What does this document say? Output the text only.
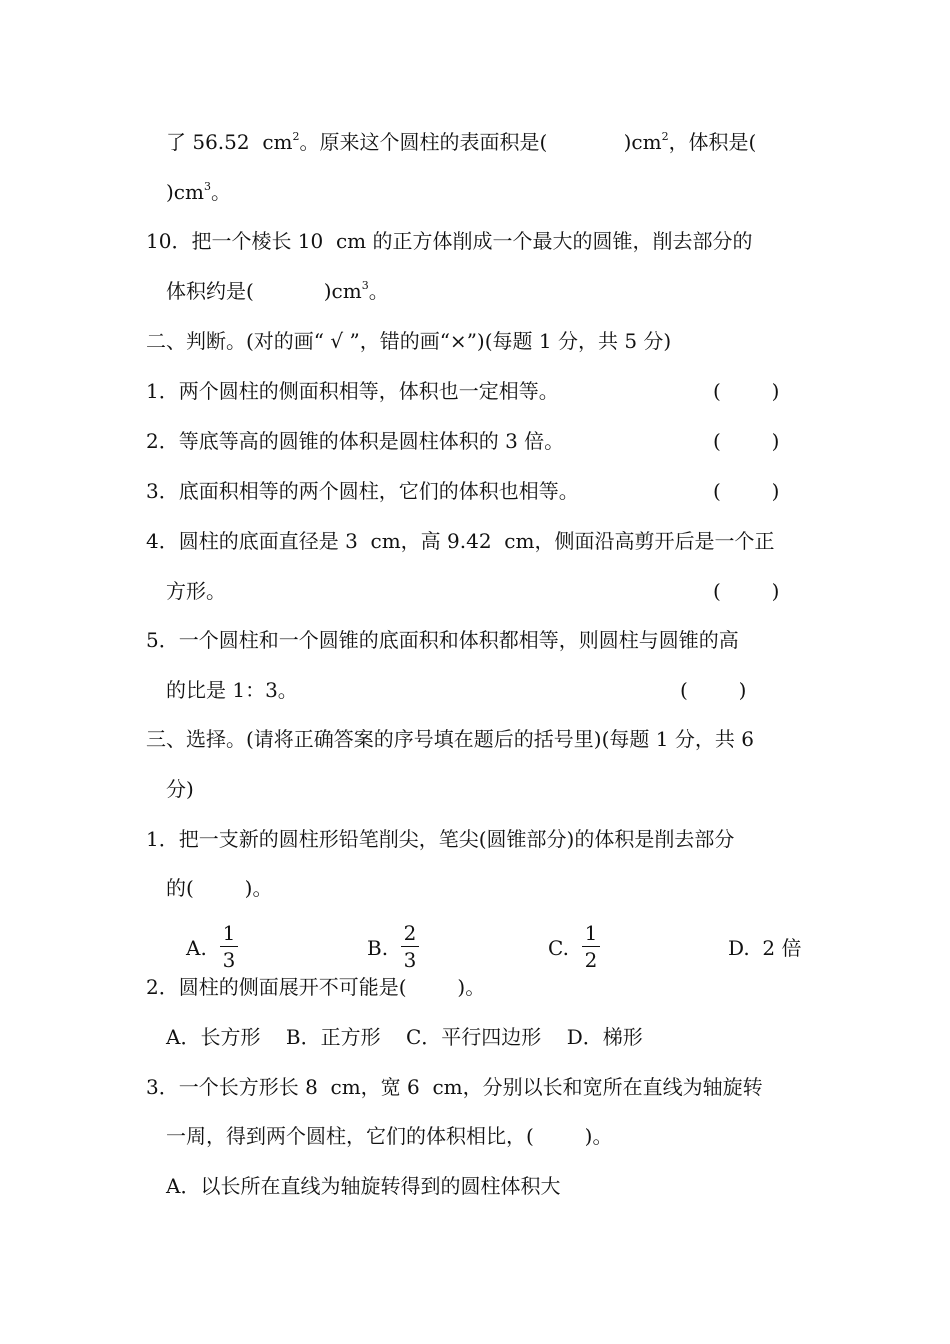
了 56.52  $cm^2$。原来这个圆柱的表面积是(            )$cm^2$，体积是(
)$cm^3$。
10．把一个棱长 10  cm 的正方体削成一个最大的圆锥，削去部分的
体积约是(           )$cm^3$。
二、判断。(对的画“ √ ”，错的画“×”)(每题 1 分，共 5 分)
1．两个圆柱的侧面积相等，体积也一定相等。	(        )
2．等底等高的圆锥的体积是圆柱体积的 3 倍。	(        )
3．底面积相等的两个圆柱，它们的体积也相等。	(        )
4．圆柱的底面直径是 3  cm，高 9.42  cm，侧面沿高剪开后是一个正
方形。	(        )
5．一个圆柱和一个圆锥的底面积和体积都相等，则圆柱与圆锥的高
的比是 1：3。	(        )
三、选择。(请将正确答案的序号填在题后的括号里)(每题 1 分，共 6
分)
1．把一支新的圆柱形铅笔削尖，笔尖(圆锥部分)的体积是削去部分
的(        )。
A.
1
3	B.
2
3	C.
1
2	D.  2 倍
2．圆柱的侧面展开不可能是(        )。
A．长方形    B．正方形    C．平行四边形    D．梯形
3．一个长方形长 8  cm，宽 6  cm，分别以长和宽所在直线为轴旋转
一周，得到两个圆柱，它们的体积相比，(        )。
A．以长所在直线为轴旋转得到的圆柱体积大
